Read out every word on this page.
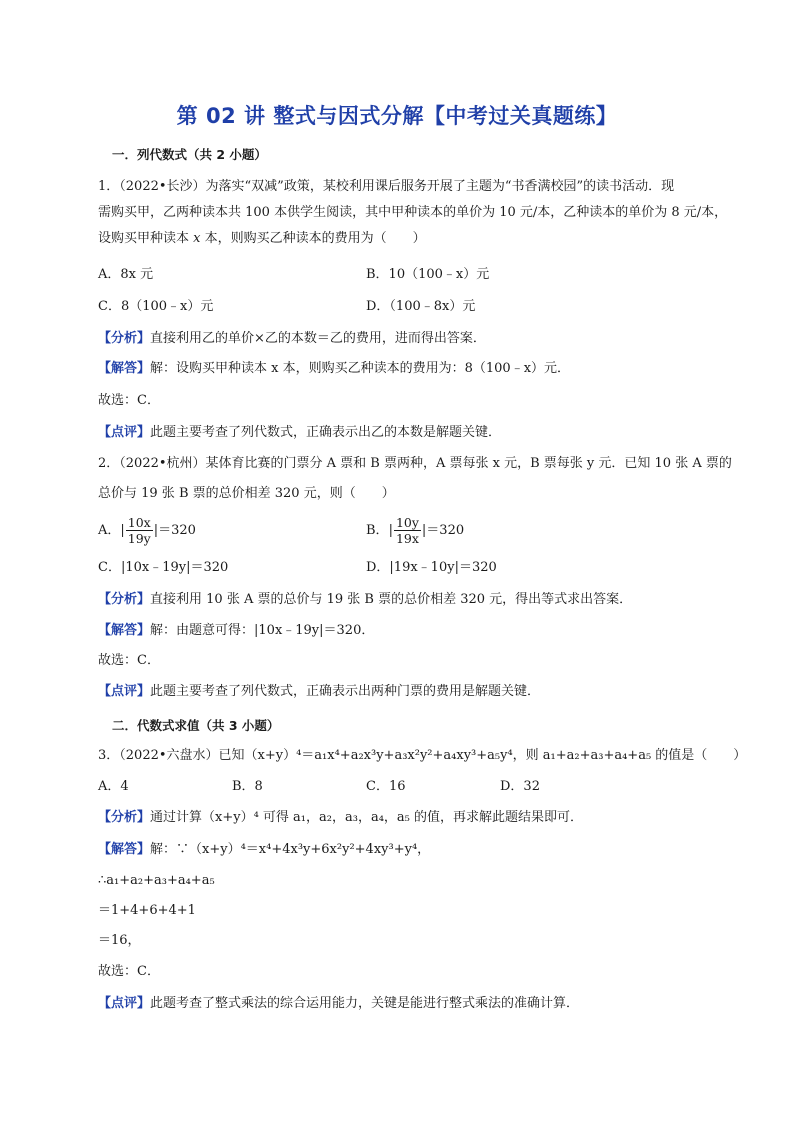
第 02 讲 整式与因式分解【中考过关真题练】
一．列代数式（共 2 小题）
1．（2022•长沙）为落实“双减”政策，某校利用课后服务开展了主题为“书香满校园”的读书活动．现
需购买甲，乙两种读本共 100 本供学生阅读，其中甲种读本的单价为 10 元/本，乙种读本的单价为 8 元/本，
设购买甲种读本 x 本，则购买乙种读本的费用为（　　）
A．8x 元	B．10（100﹣x）元
C．8（100﹣x）元	D．（100﹣8x）元
【分析】直接利用乙的单价×乙的本数＝乙的费用，进而得出答案．
【解答】解：设购买甲种读本 x 本，则购买乙种读本的费用为：8（100﹣x）元．
故选：C．
【点评】此题主要考查了列代数式，正确表示出乙的本数是解题关键．
2．（2022•杭州）某体育比赛的门票分 A 票和 B 票两种，A 票每张 x 元，B 票每张 y 元．已知 10 张 A 票的
总价与 19 张 B 票的总价相差 320 元，则（　　）
A．| $\frac{10x}{19y} |=320$	B．| $\frac{10y}{19x} |=320$
C．|10x﹣19y|＝320	D．|19x﹣10y|＝320
【分析】直接利用 10 张 A 票的总价与 19 张 B 票的总价相差 320 元，得出等式求出答案．
【解答】解：由题意可得：|10x﹣19y|＝320．
故选：C．
【点评】此题主要考查了列代数式，正确表示出两种门票的费用是解题关键．
二．代数式求值（共 3 小题）
3．（2022•六盘水）已知（x+y）⁴＝a₁x⁴+a₂x³y+a₃x²y²+a₄xy³+a₅y⁴，则 a₁+a₂+a₃+a₄+a₅ 的值是（　　）
A．4	B．8	C．16	D．32
【分析】通过计算（x+y）⁴ 可得 a₁，a₂，a₃，a₄，a₅ 的值，再求解此题结果即可．
【解答】解：∵（x+y）⁴＝x⁴+4x³y+6x²y²+4xy³+y⁴，
∴a₁+a₂+a₃+a₄+a₅
＝1+4+6+4+1
＝16，
故选：C．
【点评】此题考查了整式乘法的综合运用能力，关键是能进行整式乘法的准确计算．
